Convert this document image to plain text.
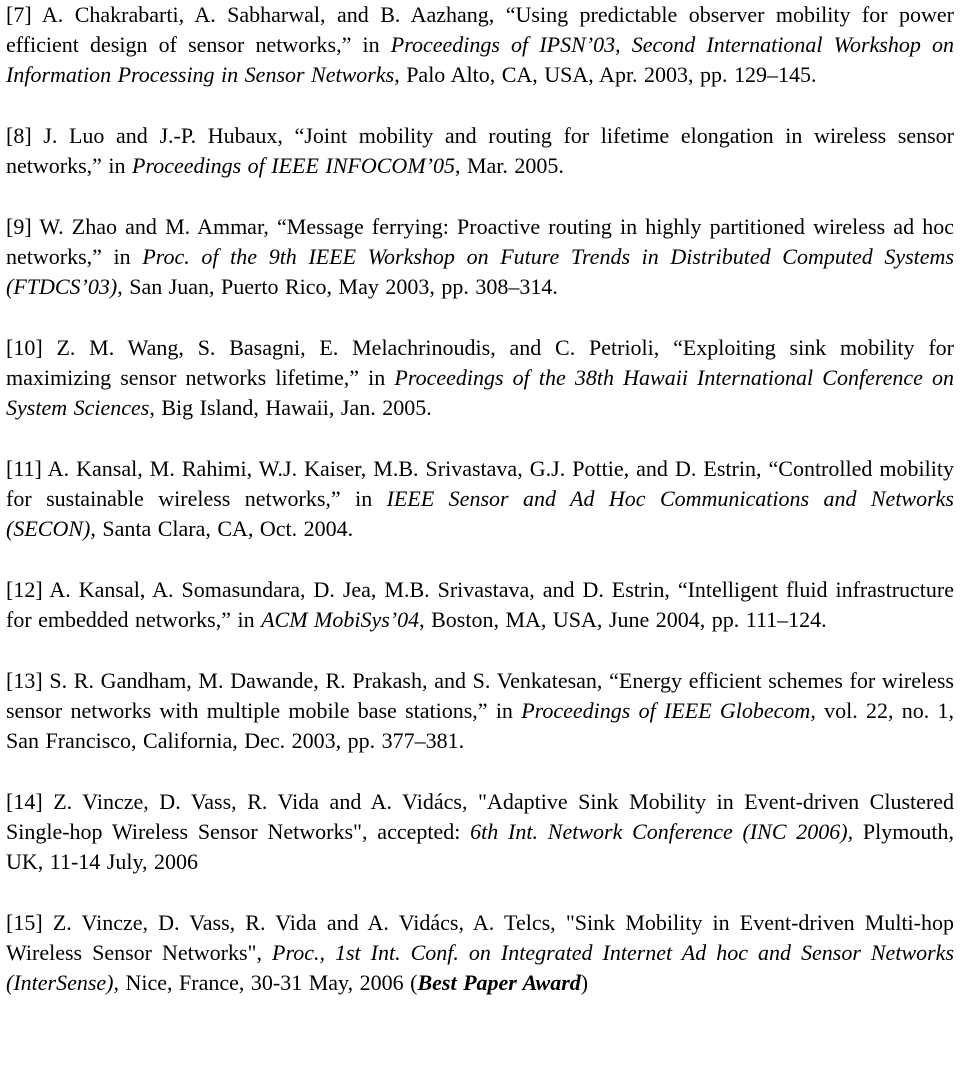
[7] A. Chakrabarti, A. Sabharwal, and B. Aazhang, “Using predictable observer mobility for power efficient design of sensor networks,” in Proceedings of IPSN’03, Second International Workshop on Information Processing in Sensor Networks, Palo Alto, CA, USA, Apr. 2003, pp. 129–145.

[8] J. Luo and J.-P. Hubaux, “Joint mobility and routing for lifetime elongation in wireless sensor networks,” in Proceedings of IEEE INFOCOM’05, Mar. 2005.

[9] W. Zhao and M. Ammar, “Message ferrying: Proactive routing in highly partitioned wireless ad hoc networks,” in Proc. of the 9th IEEE Workshop on Future Trends in Distributed Computed Systems (FTDCS’03), San Juan, Puerto Rico, May 2003, pp. 308–314.

[10] Z. M. Wang, S. Basagni, E. Melachrinoudis, and C. Petrioli, “Exploiting sink mobility for maximizing sensor networks lifetime,” in Proceedings of the 38th Hawaii International Conference on System Sciences, Big Island, Hawaii, Jan. 2005.

[11] A. Kansal, M. Rahimi, W.J. Kaiser, M.B. Srivastava, G.J. Pottie, and D. Estrin, “Controlled mobility for sustainable wireless networks,” in IEEE Sensor and Ad Hoc Communications and Networks (SECON), Santa Clara, CA, Oct. 2004.

[12] A. Kansal, A. Somasundara, D. Jea, M.B. Srivastava, and D. Estrin, “Intelligent fluid infrastructure for embedded networks,” in ACM MobiSys’04, Boston, MA, USA, June 2004, pp. 111–124.

[13] S. R. Gandham, M. Dawande, R. Prakash, and S. Venkatesan, “Energy efficient schemes for wireless sensor networks with multiple mobile base stations,” in Proceedings of IEEE Globecom, vol. 22, no. 1, San Francisco, California, Dec. 2003, pp. 377–381.

[14] Z. Vincze, D. Vass, R. Vida and A. Vidács, "Adaptive Sink Mobility in Event-driven Clustered Single-hop Wireless Sensor Networks", accepted: 6th Int. Network Conference (INC 2006), Plymouth, UK, 11-14 July, 2006

[15] Z. Vincze, D. Vass, R. Vida and A. Vidács, A. Telcs, "Sink Mobility in Event-driven Multi-hop Wireless Sensor Networks", Proc., 1st Int. Conf. on Integrated Internet Ad hoc and Sensor Networks (InterSense), Nice, France, 30-31 May, 2006 (Best Paper Award)
